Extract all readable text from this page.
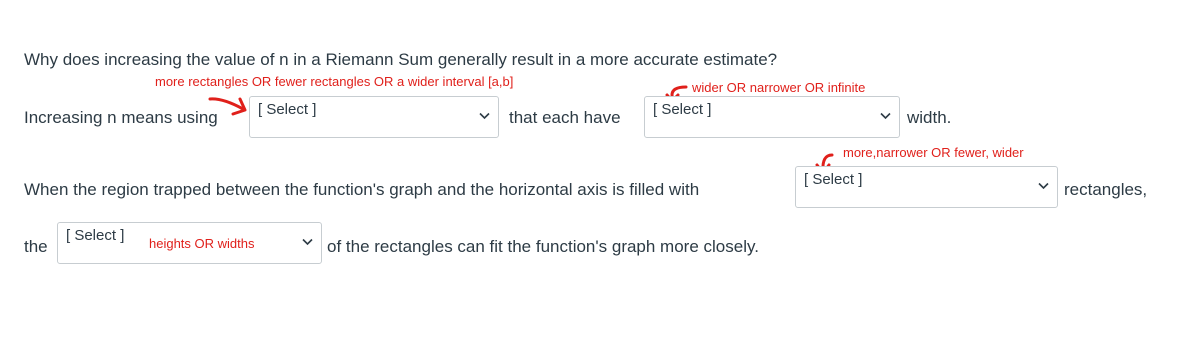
Why does increasing the value of n in a Riemann Sum generally result in a more accurate estimate?
more rectangles OR fewer rectangles OR a wider interval [a,b]	wider OR narrower OR infinite
Increasing n means using	[ Select ]	that each have [ Select ]	width.
more,narrower OR fewer, wider
When the region trapped between the function's graph and the horizontal axis is filled with
[ Select ]
rectangles,
the
[ Select ] heights OR widths	of the rectangles can fit the function's graph more closely.
